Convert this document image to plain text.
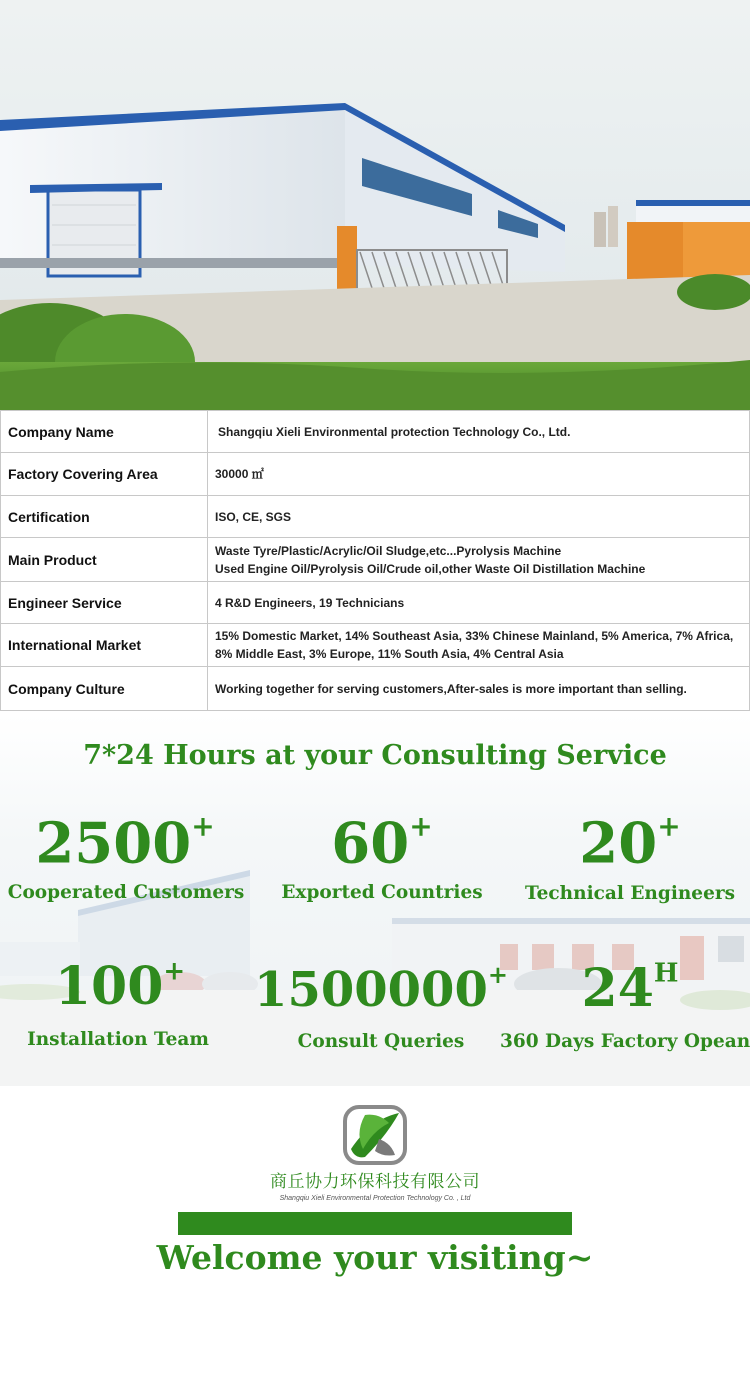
Company Name	Shangqiu Xieli Environmental protection Technology Co., Ltd.

Factory Covering Area	30000 ㎡

Certification	ISO, CE, SGS

Main Product	Waste Tyre/Plastic/Acrylic/Oil Sludge,etc...Pyrolysis Machine
Used Engine Oil/Pyrolysis Oil/Crude oil,other Waste Oil Distillation Machine

Engineer Service	4 R&D Engineers, 19 Technicians

International Market	15% Domestic Market, 14% Southeast Asia, 33% Chinese Mainland, 5% America, 7% Africa,
8% Middle East, 3% Europe, 11% South Asia, 4% Central Asia

Company Culture	Working together for serving customers,After-sales is more important than selling.
7*24 Hours at your Consulting Service
2500+
Cooperated Customers
60+
Exported Countries
20+
Technical Engineers
100+
Installation Team
1500000+
Consult Queries
$24^H$
360 Days Factory Opean
商丘协力环保科技有限公司
Shangqiu Xieli Environmental Protection Technology Co. , Ltd
Welcome your visiting~
